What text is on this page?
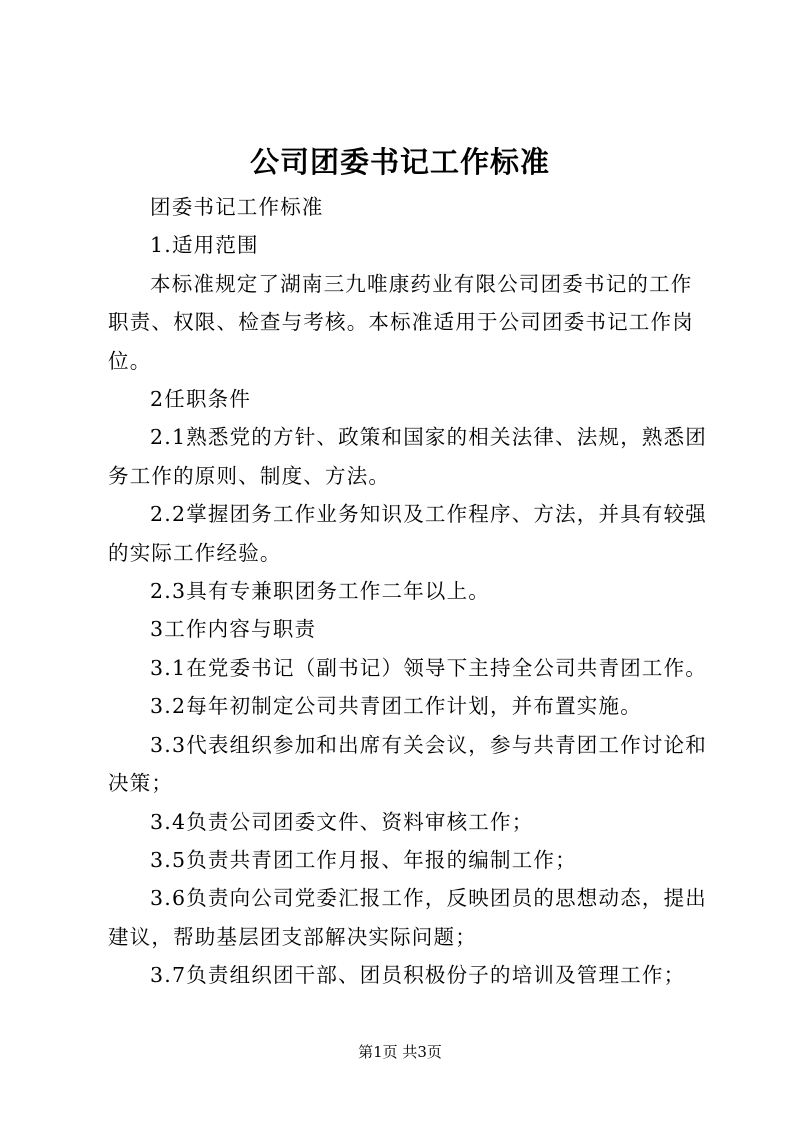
公司团委书记工作标准

团委书记工作标准

1.适用范围

本标准规定了湖南三九唯康药业有限公司团委书记的工作职责、权限、检查与考核。本标准适用于公司团委书记工作岗位。

2任职条件

2.1熟悉党的方针、政策和国家的相关法律、法规，熟悉团务工作的原则、制度、方法。

2.2掌握团务工作业务知识及工作程序、方法，并具有较强的实际工作经验。

2.3具有专兼职团务工作二年以上。

3工作内容与职责

3.1在党委书记（副书记）领导下主持全公司共青团工作。

3.2每年初制定公司共青团工作计划，并布置实施。

3.3代表组织参加和出席有关会议，参与共青团工作讨论和决策；

3.4负责公司团委文件、资料审核工作；

3.5负责共青团工作月报、年报的编制工作；

3.6负责向公司党委汇报工作，反映团员的思想动态，提出建议，帮助基层团支部解决实际问题；

3.7负责组织团干部、团员积极份子的培训及管理工作；

第1页 共3页
